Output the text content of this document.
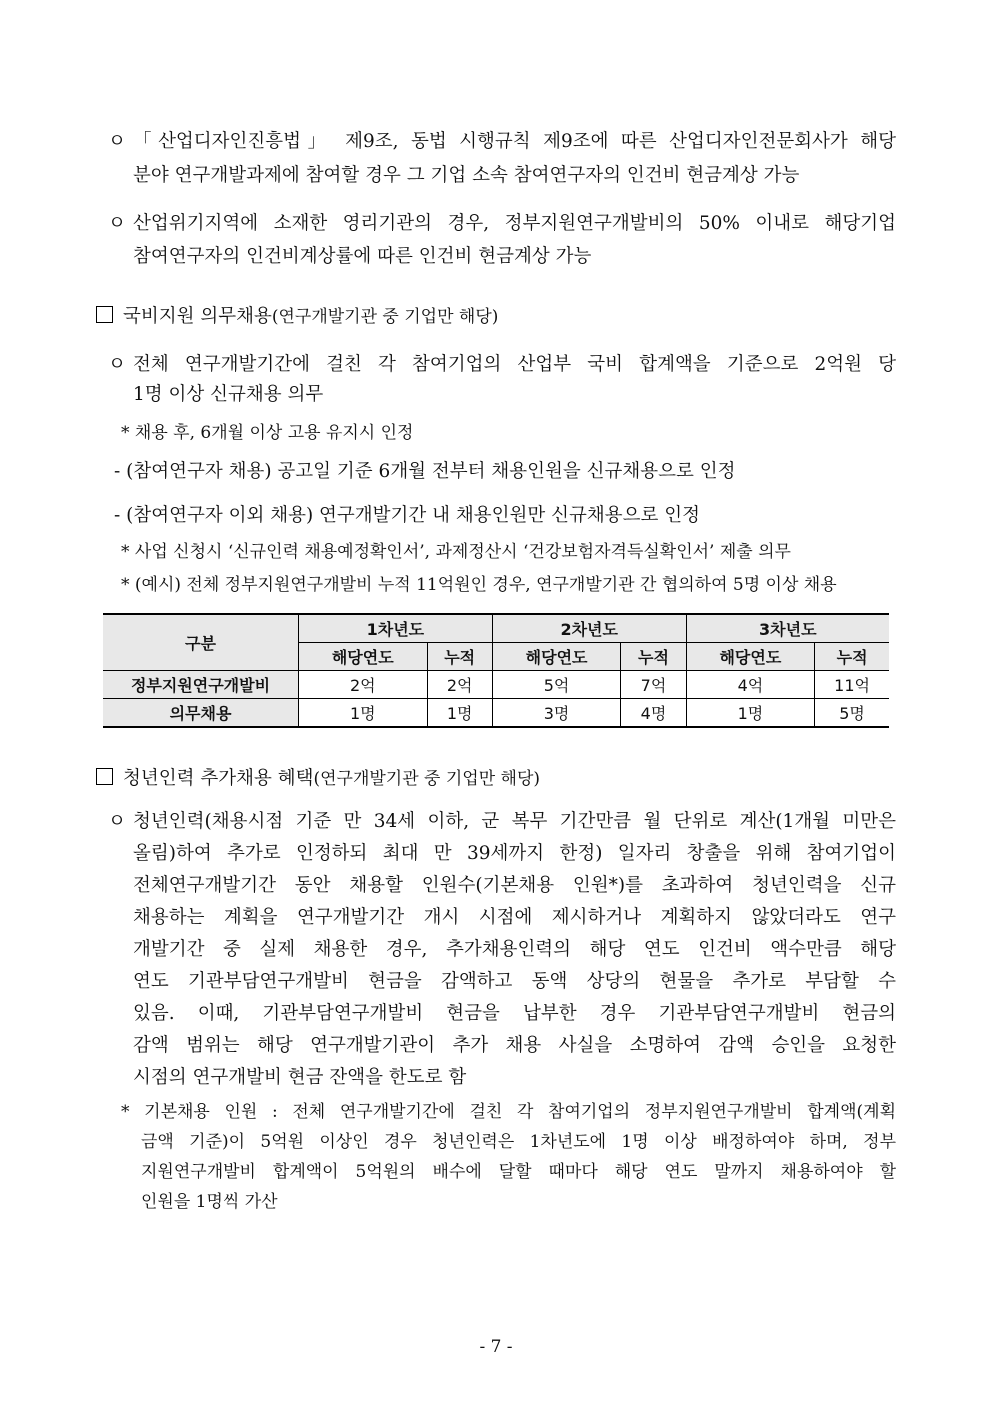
ㅇ 「산업디자인진흥법」 제9조, 동법 시행규칙 제9조에 따른 산업디자인전문회사가 해당
분야 연구개발과제에 참여할 경우 그 기업 소속 참여연구자의 인건비 현금계상 가능
ㅇ 산업위기지역에 소재한 영리기관의 경우, 정부지원연구개발비의 50% 이내로 해당기업
참여연구자의 인건비계상률에 따른 인건비 현금계상 가능
국비지원 의무채용(연구개발기관 중 기업만 해당)
ㅇ 전체 연구개발기간에 걸친 각 참여기업의 산업부 국비 합계액을 기준으로 2억원 당
1명 이상 신규채용 의무
* 채용 후, 6개월 이상 고용 유지시 인정
- (참여연구자 채용) 공고일 기준 6개월 전부터 채용인원을 신규채용으로 인정
- (참여연구자 이외 채용) 연구개발기간 내 채용인원만 신규채용으로 인정
* 사업 신청시 ‘신규인력 채용예정확인서’, 과제정산시 ‘건강보험자격득실확인서’ 제출 의무
* (예시) 전체 정부지원연구개발비 누적 11억원인 경우, 연구개발기관 간 협의하여 5명 이상 채용
구분	1차년도		2차년도		3차년도	
	해당연도	누적	해당연도	누적	해당연도	누적
정부지원연구개발비	2억	2억	5억	7억	4억	11억
의무채용	1명	1명	3명	4명	1명	5명
청년인력 추가채용 혜택(연구개발기관 중 기업만 해당)
ㅇ 청년인력(채용시점 기준 만 34세 이하, 군 복무 기간만큼 월 단위로 계산(1개월 미만은
올림)하여 추가로 인정하되 최대 만 39세까지 한정) 일자리 창출을 위해 참여기업이
전체연구개발기간 동안 채용할 인원수(기본채용 인원*)를 초과하여 청년인력을 신규
채용하는 계획을 연구개발기간 개시 시점에 제시하거나 계획하지 않았더라도 연구
개발기간 중 실제 채용한 경우, 추가채용인력의 해당 연도 인건비 액수만큼 해당
연도 기관부담연구개발비 현금을 감액하고 동액 상당의 현물을 추가로 부담할 수
있음. 이때, 기관부담연구개발비 현금을 납부한 경우 기관부담연구개발비 현금의
감액 범위는 해당 연구개발기관이 추가 채용 사실을 소명하여 감액 승인을 요청한
시점의 연구개발비 현금 잔액을 한도로 함
* 기본채용 인원 : 전체 연구개발기간에 걸친 각 참여기업의 정부지원연구개발비 합계액(계획
금액 기준)이 5억원 이상인 경우 청년인력은 1차년도에 1명 이상 배정하여야 하며, 정부
지원연구개발비 합계액이 5억원의 배수에 달할 때마다 해당 연도 말까지 채용하여야 할
인원을 1명씩 가산
- 7 -
